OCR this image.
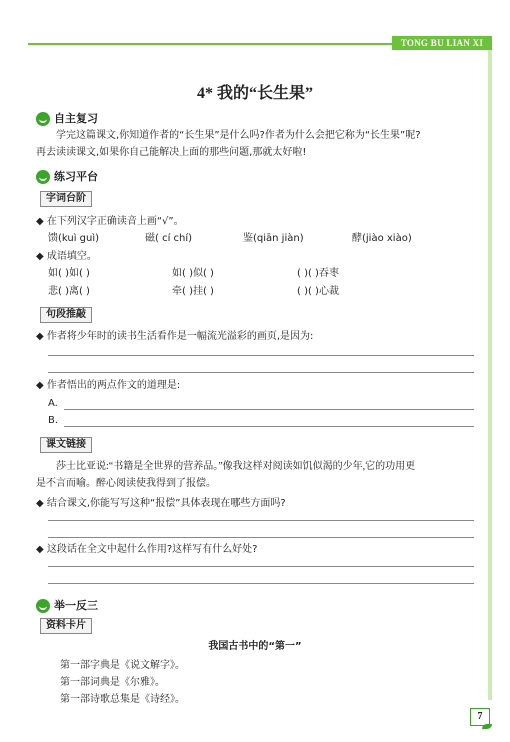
TONG BU LIAN XI
4* 我的“长生果”
自主复习
学完这篇课文,你知道作者的“长生果”是什么吗?作者为什么会把它称为“长生果”呢?
再去读读课文,如果你自己能解决上面的那些问题,那就太好啦!
练习平台
字词台阶
◆ 在下列汉字正确读音上画“√”。
馈(kuì guì)	磁( cí chí)	鉴(qiān jiàn)	酵(jiào xiào)
◆ 成语填空。
如( )如( )	如( )似( )	( )( )吞枣
悲( )离( )	牵( )挂( )	( )( )心裁
句段推敲
◆ 作者将少年时的读书生活看作是一幅流光溢彩的画页,是因为:
◆ 作者悟出的两点作文的道理是:
A.
B.
课文链接
莎士比亚说:“书籍是全世界的营养品。”像我这样对阅读如饥似渴的少年,它的功用更
是不言而喻。醉心阅读使我得到了报偿。
◆ 结合课文,你能写写这种“报偿”具体表现在哪些方面吗?
◆ 这段话在全文中起什么作用?这样写有什么好处?
举一反三
资料卡片
我国古书中的“第一”
第一部字典是《说文解字》。
第一部词典是《尔雅》。
第一部诗歌总集是《诗经》。
7
